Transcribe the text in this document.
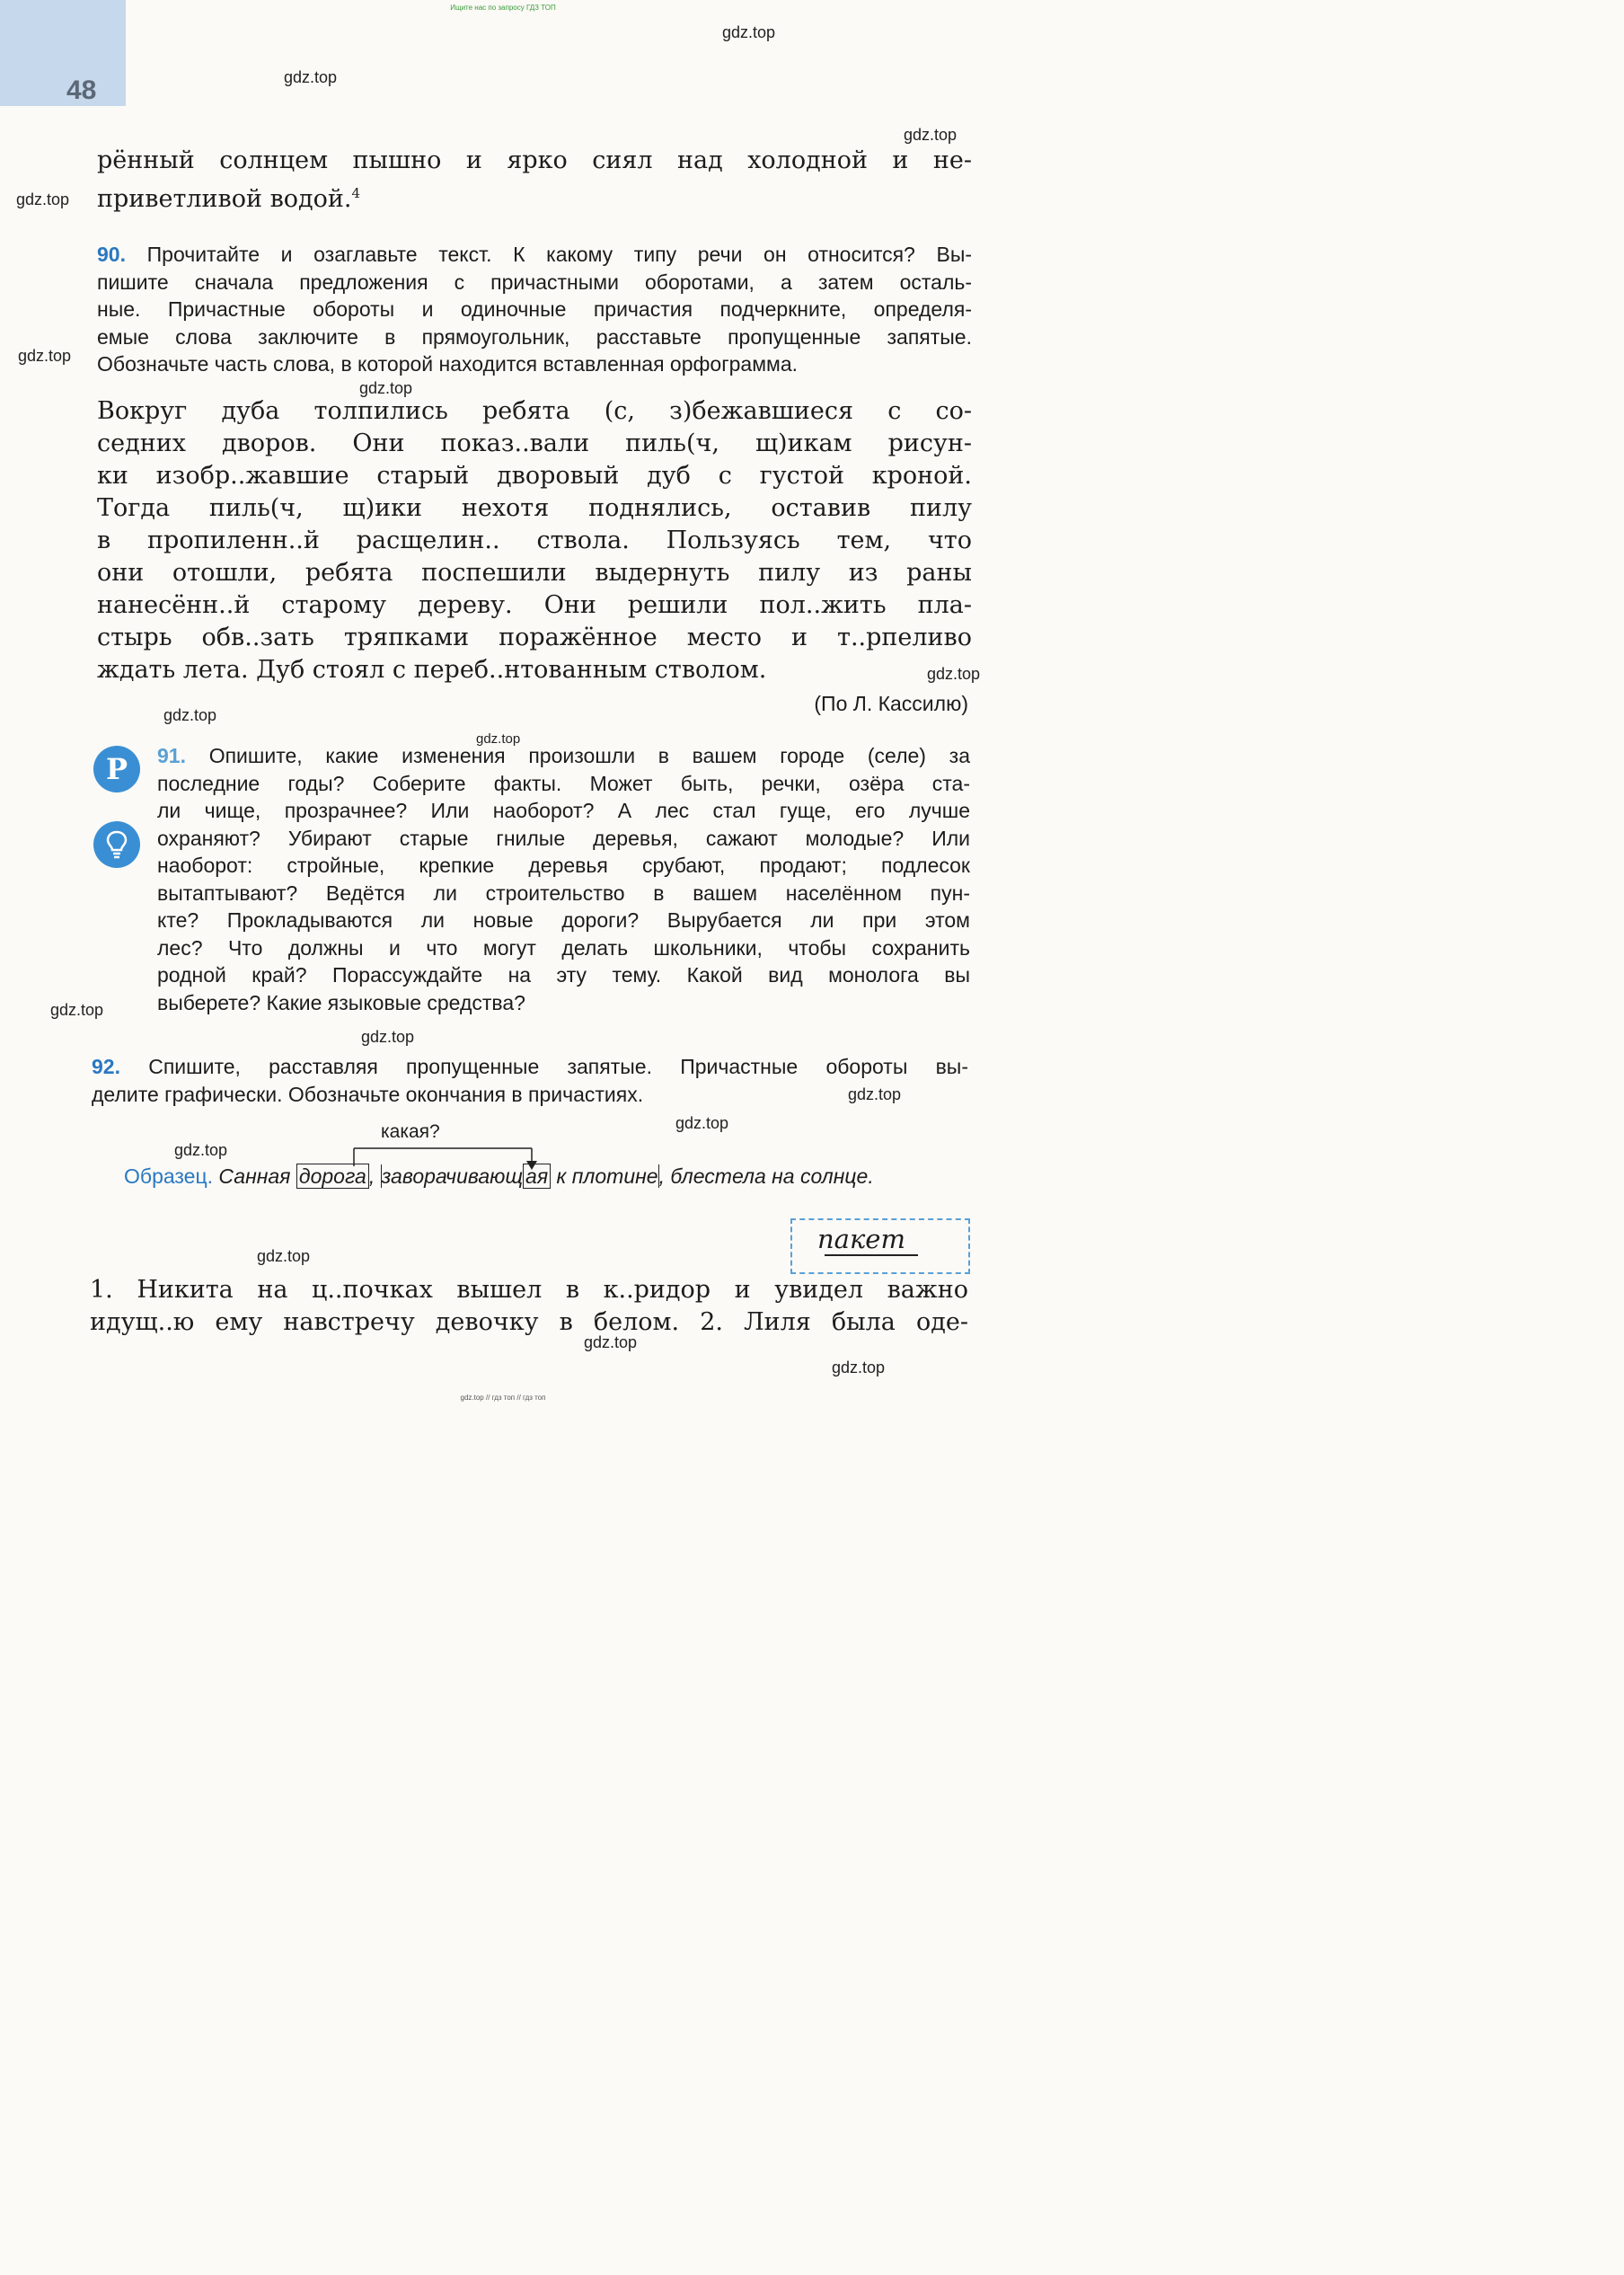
Ищите нас по запросу ГДЗ ТОП
48
gdz.top
gdz.top
gdz.top
gdz.top
gdz.top
gdz.top
gdz.top
gdz.top
gdz.top
gdz.top
gdz.top
gdz.top
gdz.top
gdz.top
gdz.top
gdz.top
gdz.top
рённый солнцем пышно и ярко сиял над холодной и не-
приветливой водой.$^4$
90. Прочитайте и озаглавьте текст. К какому типу речи он относится? Вы-
пишите сначала предложения с причастными оборотами, а затем осталь-
ные. Причастные обороты и одиночные причастия подчеркните, определя-
емые слова заключите в прямоугольник, расставьте пропущенные запятые.
Обозначьте часть слова, в которой находится вставленная орфограмма.
Вокруг дуба толпились ребята (с, з)бежавшиеся с со-
седних дворов. Они показ..вали пиль(ч, щ)икам рисун-
ки изобр..жавшие старый дворовый дуб с густой кроной.
Тогда пиль(ч, щ)ики нехотя поднялись, оставив пилу
в пропиленн..й расщелин.. ствола. Пользуясь тем, что
они отошли, ребята поспешили выдернуть пилу из раны
нанесённ..й старому дереву. Они решили пол..жить пла-
стырь обв..зать тряпками поражённое место и т..рпеливо
ждать лета. Дуб стоял с переб..нтованным стволом.
(По Л. Кассилю)
Р	91. Опишите, какие изменения произошли в вашем городе (селе) за
последние годы? Соберите факты. Может быть, речки, озёра ста-
ли чище, прозрачнее? Или наоборот? А лес стал гуще, его лучше
охраняют? Убирают старые гнилые деревья, сажают молодые? Или
наоборот: стройные, крепкие деревья срубают, продают; подлесок
вытаптывают? Ведётся ли строительство в вашем населённом пун-
кте? Прокладываются ли новые дороги? Вырубается ли при этом
лес? Что должны и что могут делать школьники, чтобы сохранить
родной край? Порассуждайте на эту тему. Какой вид монолога вы
выберете? Какие языковые средства?
92. Спишите, расставляя пропущенные запятые. Причастные обороты вы-
делите графически. Обозначьте окончания в причастиях.
какая?
Образец. Санная дорога , заворачивающ ая к плотине, блестела на солнце.
пакет
1. Никита на ц..почках вышел в к..ридор и увидел важно
идущ..ю ему навстречу девочку в белом. 2. Лиля была оде-
gdz.top // гдз топ // гдз топ
